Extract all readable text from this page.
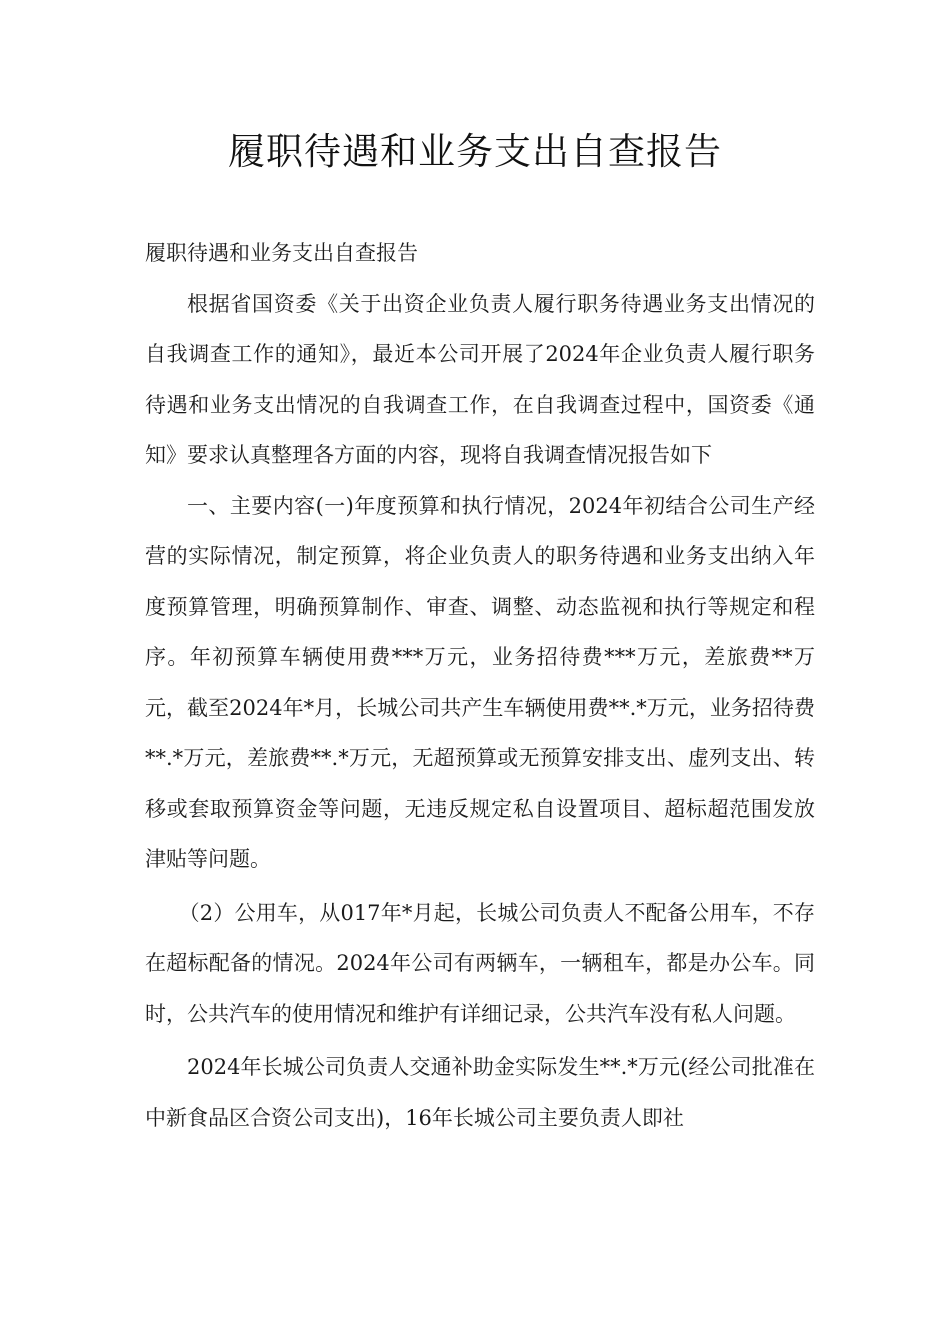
履职待遇和业务支出自查报告

履职待遇和业务支出自查报告

根据省国资委《关于出资企业负责人履行职务待遇业务支出情况的自我调查工作的通知》，最近本公司开展了2024年企业负责人履行职务待遇和业务支出情况的自我调查工作，在自我调查过程中，国资委《通知》要求认真整理各方面的内容，现将自我调查情况报告如下

一、主要内容(一)年度预算和执行情况，2024年初结合公司生产经营的实际情况，制定预算，将企业负责人的职务待遇和业务支出纳入年度预算管理，明确预算制作、审查、调整、动态监视和执行等规定和程序。年初预算车辆使用费***万元，业务招待费***万元，差旅费**万元，截至2024年*月，长城公司共产生车辆使用费**.*万元，业务招待费**.*万元，差旅费**.*万元，无超预算或无预算安排支出、虚列支出、转移或套取预算资金等问题，无违反规定私自设置项目、超标超范围发放津贴等问题。

（2）公用车，从017年*月起，长城公司负责人不配备公用车，不存在超标配备的情况。2024年公司有两辆车，一辆租车，都是办公车。同时，公共汽车的使用情况和维护有详细记录，公共汽车没有私人问题。

2024年长城公司负责人交通补助金实际发生**.*万元(经公司批准在中新食品区合资公司支出)，16年长城公司主要负责人即社
